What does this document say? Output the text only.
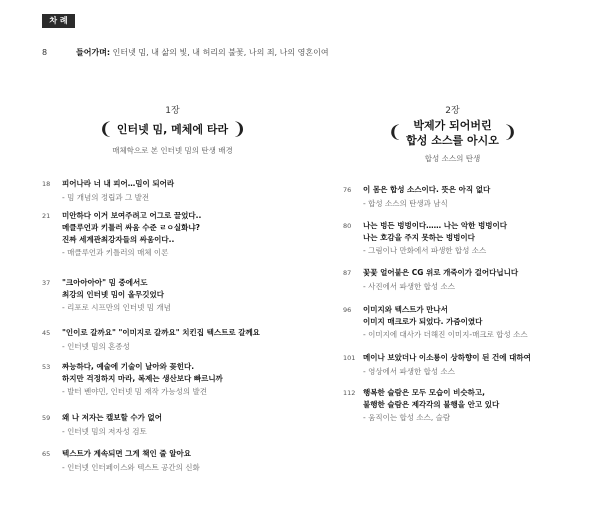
차 례
8	들어가며: 인터넷 밈, 내 삶의 빛, 내 허리의 불꽃, 나의 죄, 나의 영혼이여
1장
❨ 인터넷 밈, 메체에 타라 ❩
매체학으로 본 인터넷 밈의 탄생 배경
2장
❨	박제가 되어버린
합성 소스를 아시오	❩
합성 소스의 탄생
18 피어나라 너 내 피어…밈이 되어라
- 밈 개념의 정립과 그 발전
21 미안하다 이거 보여주려고 어그로 끌었다..
메클루언과 키틀러 싸움 수준 ㄹㅇ실화냐?
진짜 세계관최강자들의 싸움이다..
- 매클루언과 키틀러의 매체 이론
37 "크아아아아" 밈 중에서도
최강의 인터넷 밈이 올무깃었다
- 리포로 시프만의 인터넷 밈 개념
45 "인이로 갈까요" "이미지로 갈까요" 치킨집 텍스트로 갈께요
- 인터넷 밈의 혼종성
53 짜능하다, 예술에 기술이 날아와 꽂힌다.
하지만 걱정하지 마라, 복제는 생산보다 빠르니까
- 발터 벤야민, 인터넷 밈 재작 가능성의 발견
59 왜 나 저자는 캘보할 수가 없어
- 인터넷 밈의 저자성 검토
65 텍스트가 계속되면 그게 책인 줄 알아요
- 인터넷 인터페이스와 텍스트 공간의 신화
76 이 몸은 합성 소스이다. 뜻은 아직 없다
- 합성 소스의 탄생과 남식
80 나는 벙든 벙벙이다…… 나는 악한 벙벙이다
나는 호감을 주지 못하는 벙벙이다
- 그림이나 만화에서 파생한 합성 소스
87 꽃꽃 얼어붙은 CG 위로 개죽이가 걸어다닙니다
- 사진에서 파생한 합성 소스
96 이미지와 텍스트가 만나서
이미지 매크로가 되었다. 가즘이였다
- 이미지에 대사가 더해진 이미지-매크로 합성 소스
101 메이나 보았더나 이소룡이 상하향이 된 건에 대하여
- 영상에서 파생한 합성 소스
112 행복한 슬람은 모두 모습이 비슷하고,
불행한 슬람은 제각각의 불행을 안고 있다
- 움직이는 합성 소스, 슬람
